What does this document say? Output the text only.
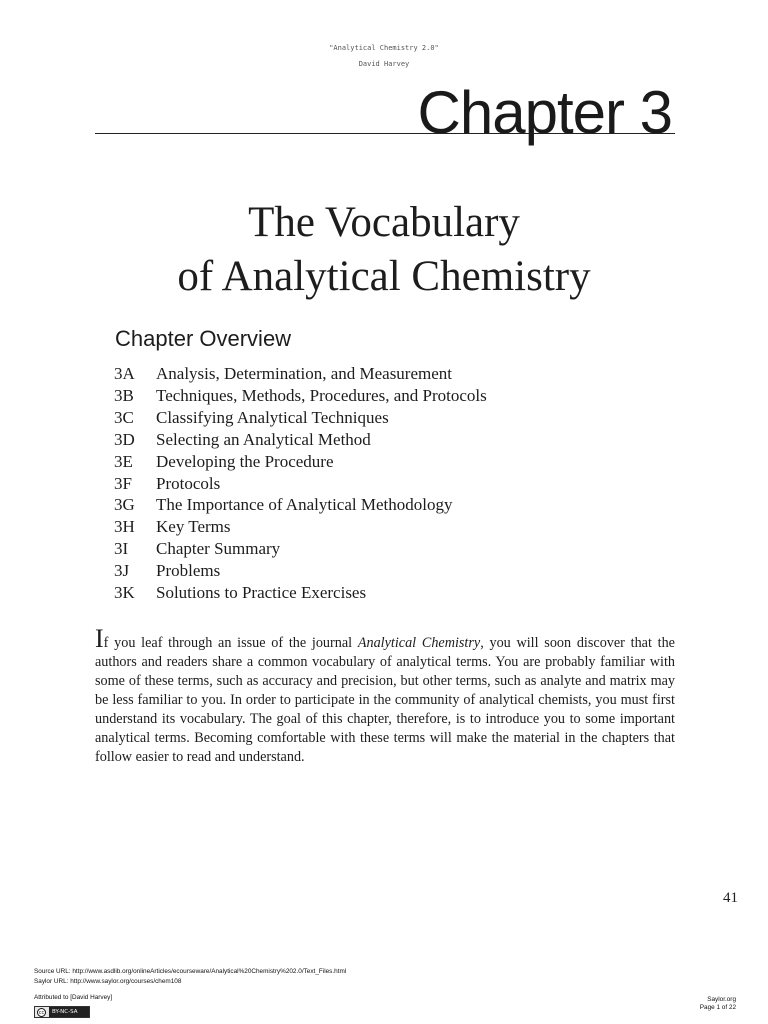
"Analytical Chemistry 2.0"
David Harvey
Chapter 3
The Vocabulary
of Analytical Chemistry
Chapter Overview
3A	Analysis, Determination, and Measurement
3B	Techniques, Methods, Procedures, and Protocols
3C	Classifying Analytical Techniques
3D	Selecting an Analytical Method
3E	Developing the Procedure
3F	Protocols
3G	The Importance of Analytical Methodology
3H	Key Terms
3I	Chapter Summary
3J	Problems
3K	Solutions to Practice Exercises

If you leaf through an issue of the journal Analytical Chemistry, you will soon discover that the authors and readers share a common vocabulary of analytical terms. You are probably familiar with some of these terms, such as accuracy and precision, but other terms, such as analyte and matrix may be less familiar to you. In order to participate in the community of analytical chemists, you must first understand its vocabulary. The goal of this chapter, therefore, is to introduce you to some important analytical terms. Becoming comfortable with these terms will make the material in the chapters that follow easier to read and understand.

41
Source URL: http://www.asdlib.org/onlineArticles/ecourseware/Analytical%20Chemistry%202.0/Text_Files.html
Saylor URL: http://www.saylor.org/courses/chem108
Attributed to [David Harvey]	Saylor.org
Page 1 of 22
cc	BY-NC-SA
